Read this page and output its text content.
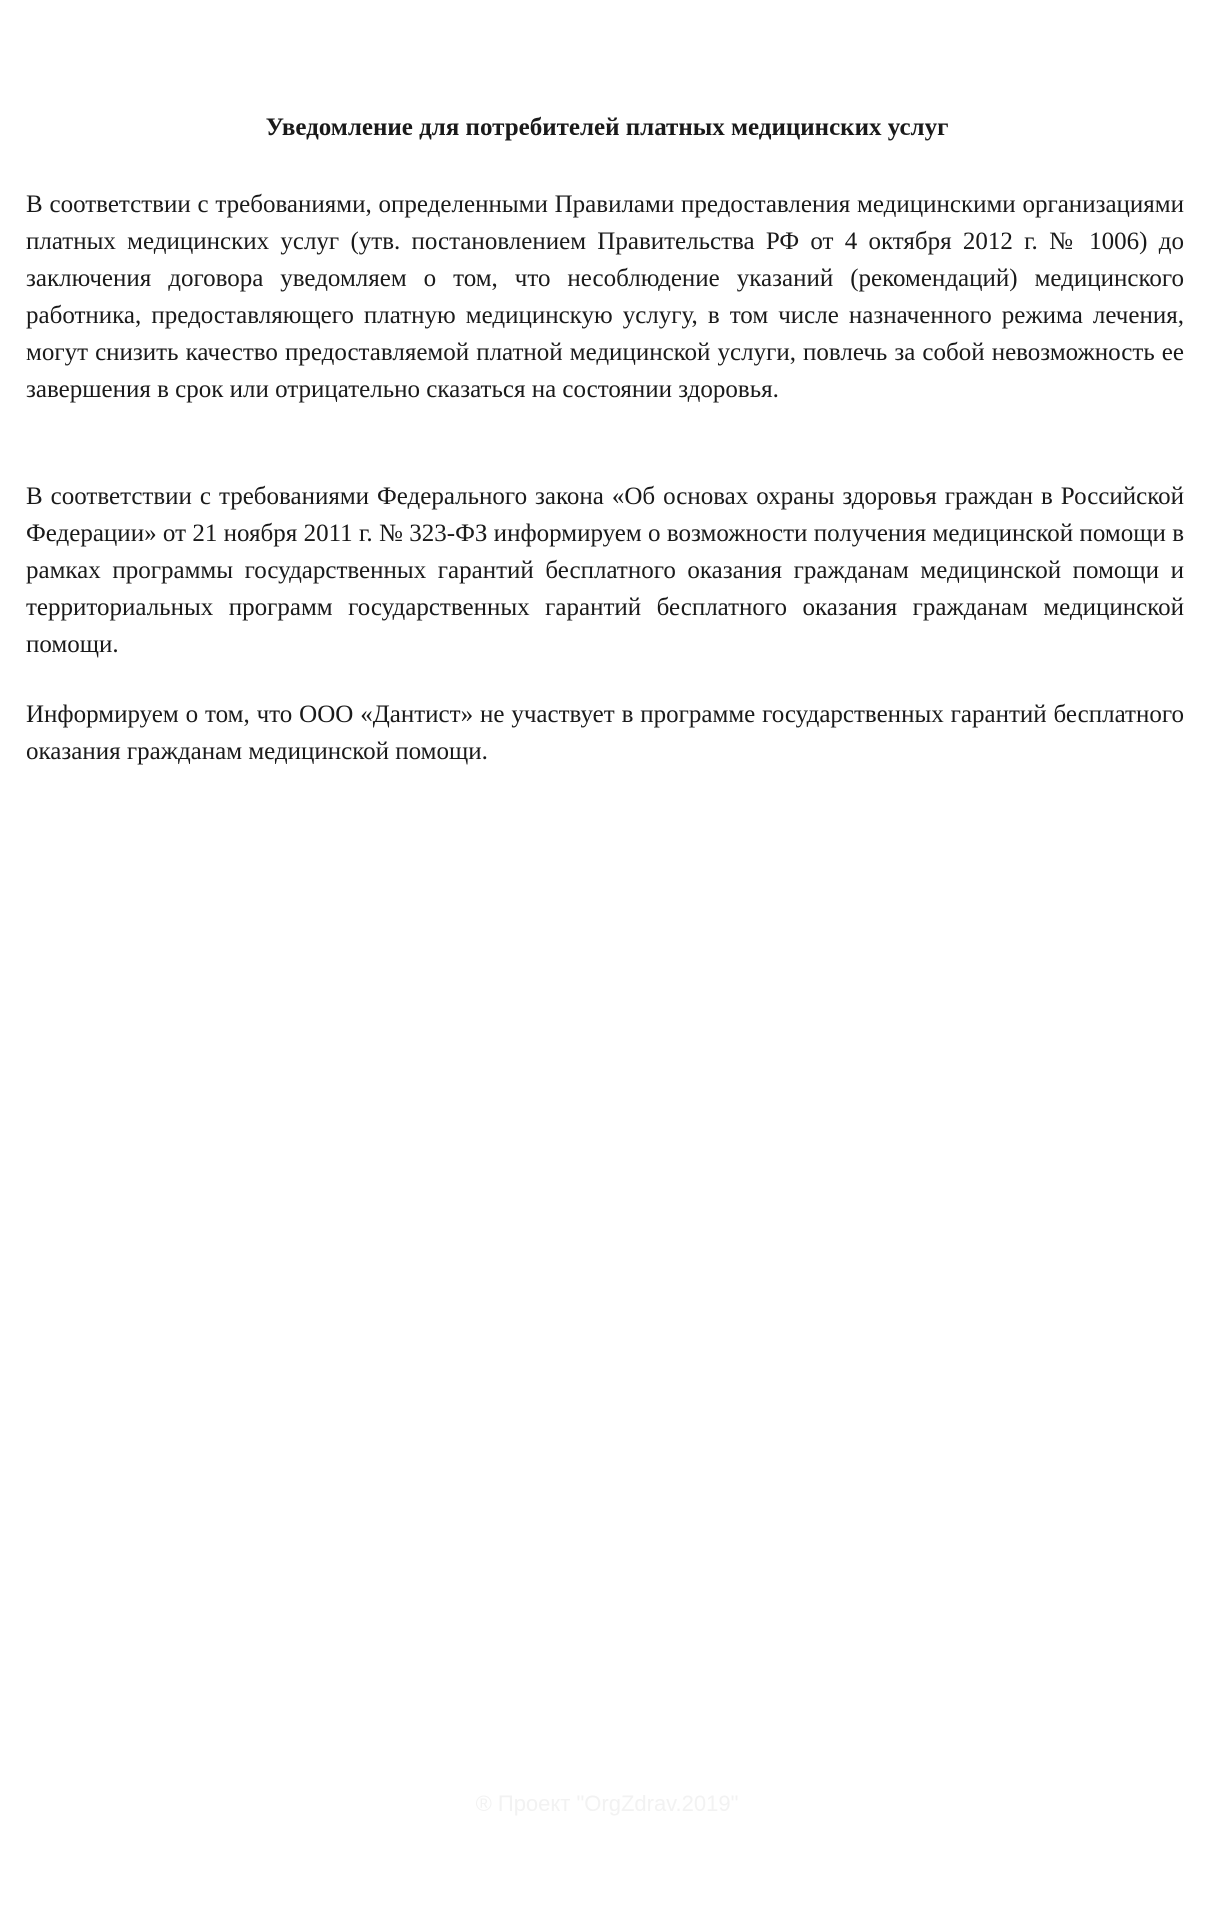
Уведомление для потребителей платных медицинских услуг

В соответствии с требованиями, определенными Правилами предоставления медицинскими организациями платных медицинских услуг (утв. постановлением Правительства РФ от 4 октября 2012 г. № 1006) до заключения договора уведомляем о том, что несоблюдение указаний (рекомендаций) медицинского работника, предоставляющего платную медицинскую услугу, в том числе назначенного режима лечения, могут снизить качество предоставляемой платной медицинской услуги, повлечь за собой невозможность ее завершения в срок или отрицательно сказаться на состоянии здоровья.

В соответствии с требованиями Федерального закона «Об основах охраны здоровья граждан в Российской Федерации» от 21 ноября 2011 г. № 323-ФЗ информируем о возможности получения медицинской помощи в рамках программы государственных гарантий бесплатного оказания гражданам медицинской помощи и территориальных программ государственных гарантий бесплатного оказания гражданам медицинской помощи.

Информируем о том, что ООО «Дантист» не участвует в программе государственных гарантий бесплатного оказания гражданам медицинской помощи.

® Проект "OrgZdrav.2019"
